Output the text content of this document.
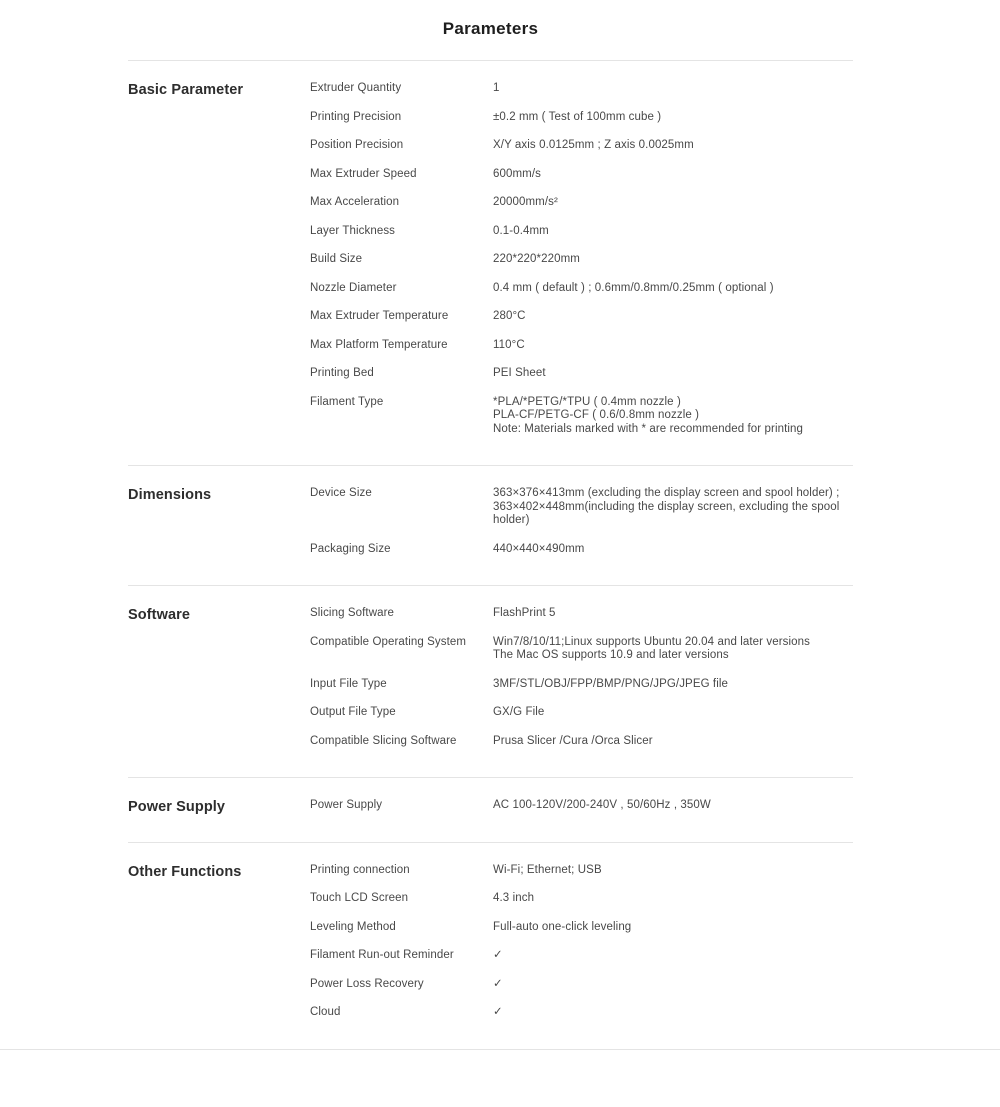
Parameters
Basic Parameter	Extruder Quantity	1
Printing Precision	±0.2 mm ( Test of 100mm cube )
Position Precision	X/Y axis 0.0125mm ; Z axis 0.0025mm
Max Extruder Speed	600mm/s
Max Acceleration	20000mm/s²
Layer Thickness	0.1-0.4mm
Build Size	220*220*220mm
Nozzle Diameter	0.4 mm ( default ) ; 0.6mm/0.8mm/0.25mm ( optional )
Max Extruder Temperature	280°C
Max Platform Temperature	110°C
Printing Bed	PEI Sheet
Filament Type	*PLA/*PETG/*TPU ( 0.4mm nozzle )
PLA-CF/PETG-CF ( 0.6/0.8mm nozzle )
Note: Materials marked with * are recommended for printing
Dimensions	Device Size	363×376×413mm (excluding the display screen and spool holder) ;
363×402×448mm(including the display screen, excluding the spool holder)
Packaging Size	440×440×490mm
Software	Slicing Software	FlashPrint 5
Compatible Operating System	Win7/8/10/11;Linux supports Ubuntu 20.04 and later versions
The Mac OS supports 10.9 and later versions
Input File Type	3MF/STL/OBJ/FPP/BMP/PNG/JPG/JPEG file
Output File Type	GX/G File
Compatible Slicing Software	Prusa Slicer /Cura /Orca Slicer
Power Supply	Power Supply	AC 100-120V/200-240V , 50/60Hz , 350W
Other Functions	Printing connection	Wi-Fi; Ethernet; USB
Touch LCD Screen	4.3 inch
Leveling Method	Full-auto one-click leveling
Filament Run-out Reminder	✓
Power Loss Recovery	✓
Cloud	✓
